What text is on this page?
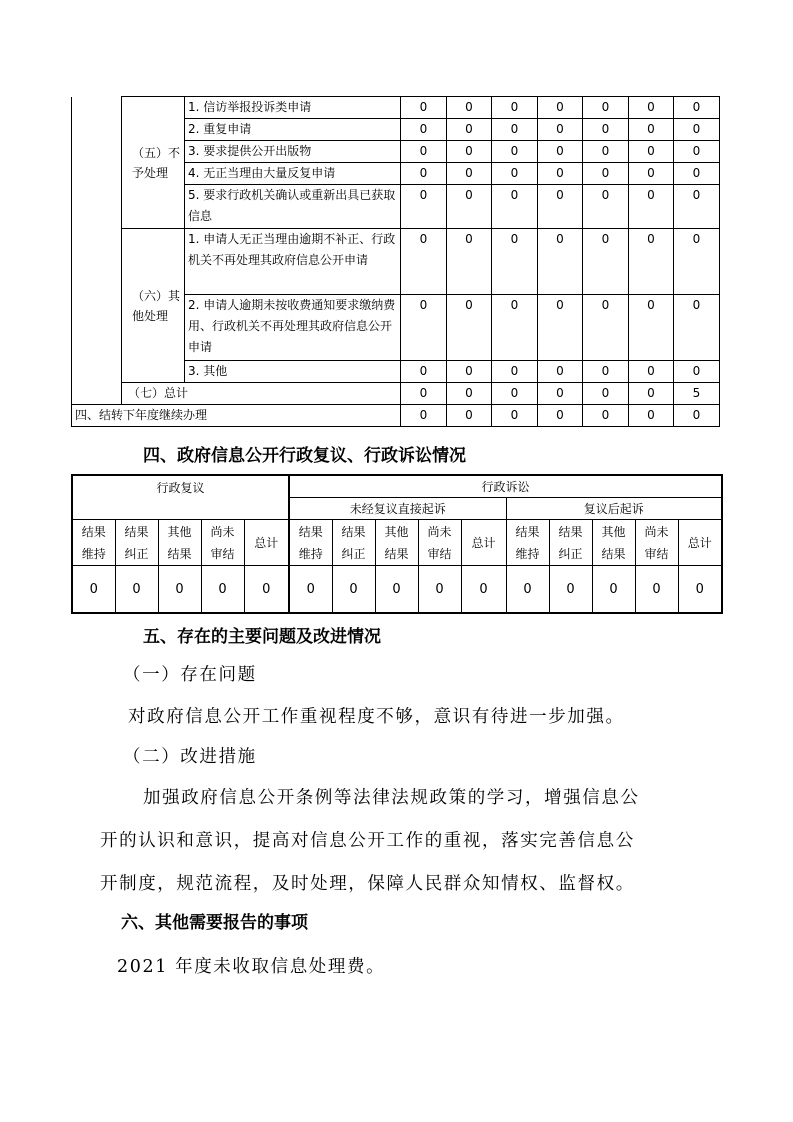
	（五）不予处理	1. 信访举报投诉类申请	0	0	0	0	0	0	0
		2. 重复申请	0	0	0	0	0	0	0
		3. 要求提供公开出版物	0	0	0	0	0	0	0
		4. 无正当理由大量反复申请	0	0	0	0	0	0	0
		5. 要求行政机关确认或重新出具已获取信息	0	0	0	0	0	0	0
	（六）其他处理	1. 申请人无正当理由逾期不补正、行政机关不再处理其政府信息公开申请	0	0	0	0	0	0	0
		2. 申请人逾期未按收费通知要求缴纳费用、行政机关不再处理其政府信息公开申请	0	0	0	0	0	0	0
		3. 其他	0	0	0	0	0	0	0
	（七）总计		0	0	0	0	0	0	5
四、结转下年度继续办理			0	0	0	0	0	0	0
四、政府信息公开行政复议、行政诉讼情况
行政复议					行政诉讼									
					未经复议直接起诉					复议后起诉				
结果维持	结果纠正	其他结果	尚未审结	总计	结果维持	结果纠正	其他结果	尚未审结	总计	结果维持	结果纠正	其他结果	尚未审结	总计
0	0	0	0	0	0	0	0	0	0	0	0	0	0	0
五、存在的主要问题及改进情况
（一）存在问题
对政府信息公开工作重视程度不够，意识有待进一步加强。
（二）改进措施
加强政府信息公开条例等法律法规政策的学习，增强信息公
开的认识和意识，提高对信息公开工作的重视，落实完善信息公
开制度，规范流程，及时处理，保障人民群众知情权、监督权。
六、其他需要报告的事项
2021 年度未收取信息处理费。
